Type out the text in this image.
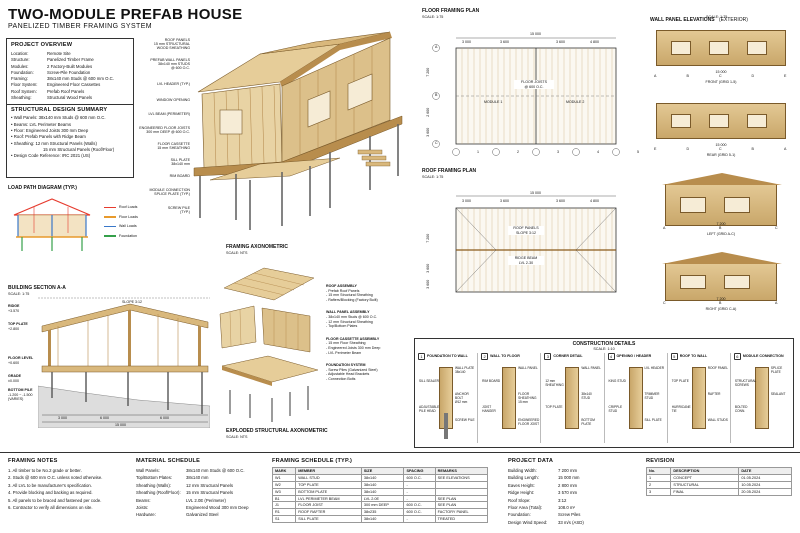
TWO-MODULE PREFAB HOUSE
PANELIZED TIMBER FRAMING SYSTEM
PROJECT OVERVIEW
Location:	Remote Site
Structure:	Panelized Timber Frame
Modules:	2 Factory-Built Modules
Foundation:	Screw-Pile Foundation
Framing:	38x140 mm Studs @ 600 mm O.C.
Floor System:	Engineered Floor Cassettes
Roof System:	Prefab Roof Panels
Sheathing:	Structural Wood Panels
STRUCTURAL DESIGN SUMMARY
• Wall Panels: 38x140 mm Studs @ 600 mm O.C.
• Beams: LVL Perimeter Beams
• Floor: Engineered Joists 300 mm Deep
• Roof: Prefab Panels with Ridge Beam
• Sheathing: 12 mm Structural Panels (Walls)
15 mm Structural Panels (Roof/Floor)
• Design Code Reference: IRC 2021 (US)
LOAD PATH DIAGRAM (TYP.)
Roof Loads
Floor Loads
Wall Loads
Foundation
BUILDING SECTION A-A
SCALE: 1:75
RIDGE
+3.570
TOP PLATE
+2.800
FLOOR LEVEL
+0.600
GRADE
±0.000
BOTTOM PILE
-1.200 ~ -1.500 (VARIES)
SLOPE 3:12
3 000	6 000	6 000
15 000
ROOF PANELS
15 mm STRUCTURAL
WOOD SHEATHING
PREFAB WALL PANELS
38x140 mm STUDS
@ 600 O.C.
LVL HEADER (TYP.)
WINDOW OPENING
LVL BEAM (PERIMETER)
ENGINEERED FLOOR JOISTS
300 mm DEEP @ 600 O.C.
FLOOR CASSETTE
15 mm SHEATHING
SILL PLATE
38x140 mm
RIM BOARD
MODULE CONNECTION
SPLICE PLATE (TYP.)
SCREW PILE
(TYP.)
FRAMING AXONOMETRIC
SCALE: NTS
ROOF ASSEMBLY
- Prefab Roof Panels
- 15 mm Structural Sheathing
- Rafters/Blocking (Factory Built)
WALL PANEL ASSEMBLY
- 38x140 mm Studs @ 600 O.C.
- 12 mm Structural Sheathing
- Top/Bottom Plates
FLOOR CASSETTE ASSEMBLY
- 15 mm Floor Sheathing
- Engineered Joists 300 mm Deep
- LVL Perimeter Beam
FOUNDATION SYSTEM
- Screw Piles (Galvanized Steel)
- Adjustable Head Brackets
- Connection Bolts
EXPLODED STRUCTURAL AXONOMETRIC
SCALE: NTS
FLOOR FRAMING PLAN
SCALE: 1:75
3 000	3 600
15 000
3 600	4 800
7 200
2 600
3 600
MODULE 1	MODULE 2
FLOOR JOISTS
@ 600 O.C.
1	2	3	4	5
A
B
C
ROOF FRAMING PLAN
SCALE: 1:75
3 000	3 600
15 000
3 600	4 800
7 200
3 600
3 600
ROOF PANELS
SLOPE 3:12
RIDGE BEAM
LVL 2-30
WALL PANEL ELEVATIONS (EXTERIOR)
SCALE: 1:75
15 000
A	B	C	D	E
FRONT (GRID 1-5)
15 000
E	D	C	B	A
REAR (GRID 5-1)
7 200
A	B	C
LEFT (GRID A-C)
7 200
C	B	A
RIGHT (GRID C-A)
CONSTRUCTION DETAILS
SCALE: 1:10
1	FOUNDATION TO WALL
WALL PLATE
38x140
SILL SEALER
ANCHOR BOLT
Ø12 mm
ADJUSTABLE
PILE HEAD
SCREW PILE
2	WALL TO FLOOR
WALL PANEL
RIM BOARD
FLOOR SHEATHING
15 mm
JOIST HANGER
ENGINEERED
FLOOR JOIST
3	CORNER DETAIL
WALL PANEL
12 mm
SHEATHING
38x140
STUD
TOP PLATE
BOTTOM PLATE
4	OPENING / HEADER
LVL HEADER
KING STUD
TRIMMER STUD
CRIPPLE STUD
SILL PLATE
5	ROOF TO WALL
ROOF PANEL
TOP PLATE
RAFTER
HURRICANE TIE
WALL STUDS
6	MODULE CONNECTION
SPLICE PLATE
STRUCTURAL
SCREWS
SEALANT
BOLTED
CONN.
FRAMING NOTES
1. All timber to be No.2 grade or better.
2. Studs @ 600 mm O.C. unless noted otherwise.
3. All LVL to be manufacturer's specification.
4. Provide blocking and backing as required.
5. All panels to be braced and fastened per code.
6. Contractor to verify all dimensions on site.
MATERIAL SCHEDULE
Wall Panels:	38x140 mm Studs @ 600 O.C.
Top/Bottom Plates:	38x140 mm
Sheathing (Walls):	12 mm Structural Panels
Sheathing (Roof/Floor):	15 mm Structural Panels
Beams:	LVL 2.0E (Perimeter)
Joists:	Engineered Wood 300 mm Deep
Hardware:	Galvanized Steel
FRAMING SCHEDULE (TYP.)
MARK	MEMBER	SIZE	SPACING	REMARKS
W1	WALL STUD	38x140	600 O.C.	SEE ELEVATIONS
W2	TOP PLATE	38x140	-	
W3	BOTTOM PLATE	38x140	-	
B1	LVL PERIMETER BEAM	LVL 2.0E	-	SEE PLAN
J1	FLOOR JOIST	300 mm DEEP	600 O.C.	SEE PLAN
R1	ROOF RAFTER	38x235	600 O.C.	FACTORY PANEL
S1	SILL PLATE	38x140	-	TREATED
PROJECT DATA
Building Width:	7 200 mm
Building Length:	15 000 mm
Eaves Height:	2 800 mm
Ridge Height:	3 570 mm
Roof Slope:	3:12
Floor Area (Total):	108.0 m²
Foundation:	Screw Piles
Design Wind Speed:	33 m/s (ASD)
REVISION
No.	DESCRIPTION	DATE
1	CONCEPT	01.05.2024
2	STRUCTURAL	10.05.2024
3	FINAL	20.05.2024
